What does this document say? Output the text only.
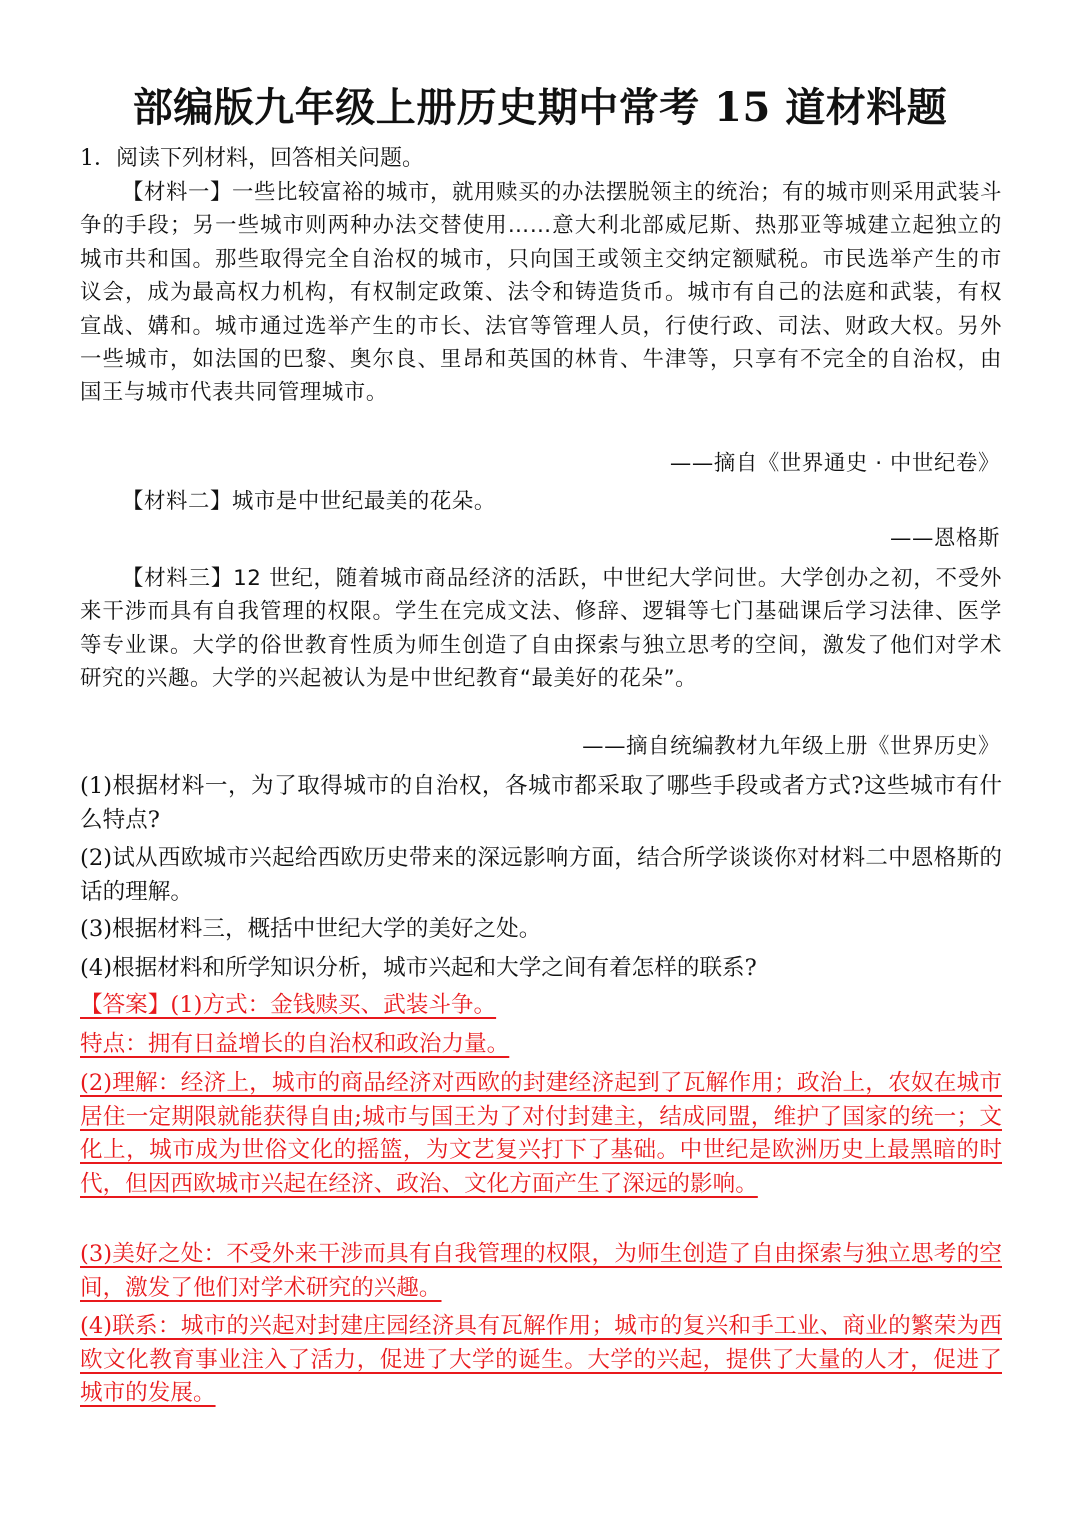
部编版九年级上册历史期中常考 15 道材料题
1．阅读下列材料，回答相关问题。

【材料一】一些比较富裕的城市，就用赎买的办法摆脱领主的统治；有的城市则采用武装斗争的手段；另一些城市则两种办法交替使用……意大利北部威尼斯、热那亚等城建立起独立的城市共和国。那些取得完全自治权的城市，只向国王或领主交纳定额赋税。市民选举产生的市议会，成为最高权力机构，有权制定政策、法令和铸造货币。城市有自己的法庭和武装，有权宣战、媾和。城市通过选举产生的市长、法官等管理人员，行使行政、司法、财政大权。另外一些城市，如法国的巴黎、奥尔良、里昂和英国的林肯、牛津等，只享有不完全的自治权，由国王与城市代表共同管理城市。

——摘自《世界通史 · 中世纪卷》

【材料二】城市是中世纪最美的花朵。

——恩格斯

【材料三】12 世纪，随着城市商品经济的活跃，中世纪大学问世。大学创办之初，不受外来干涉而具有自我管理的权限。学生在完成文法、修辞、逻辑等七门基础课后学习法律、医学等专业课。大学的俗世教育性质为师生创造了自由探索与独立思考的空间，激发了他们对学术研究的兴趣。大学的兴起被认为是中世纪教育“最美好的花朵”。

——摘自统编教材九年级上册《世界历史》

(1)根据材料一，为了取得城市的自治权，各城市都采取了哪些手段或者方式?这些城市有什么特点?

(2)试从西欧城市兴起给西欧历史带来的深远影响方面，结合所学谈谈你对材料二中恩格斯的话的理解。

(3)根据材料三，概括中世纪大学的美好之处。

(4)根据材料和所学知识分析，城市兴起和大学之间有着怎样的联系?

【答案】(1)方式：金钱赎买、武装斗争。

特点：拥有日益增长的自治权和政治力量。

(2)理解：经济上，城市的商品经济对西欧的封建经济起到了瓦解作用；政治上，农奴在城市居住一定期限就能获得自由;城市与国王为了对付封建主，结成同盟，维护了国家的统一；文化上，城市成为世俗文化的摇篮，为文艺复兴打下了基础。中世纪是欧洲历史上最黑暗的时代，但因西欧城市兴起在经济、政治、文化方面产生了深远的影响。

(3)美好之处：不受外来干涉而具有自我管理的权限，为师生创造了自由探索与独立思考的空间，激发了他们对学术研究的兴趣。

(4)联系：城市的兴起对封建庄园经济具有瓦解作用；城市的复兴和手工业、商业的繁荣为西欧文化教育事业注入了活力，促进了大学的诞生。大学的兴起，提供了大量的人才，促进了城市的发展。
